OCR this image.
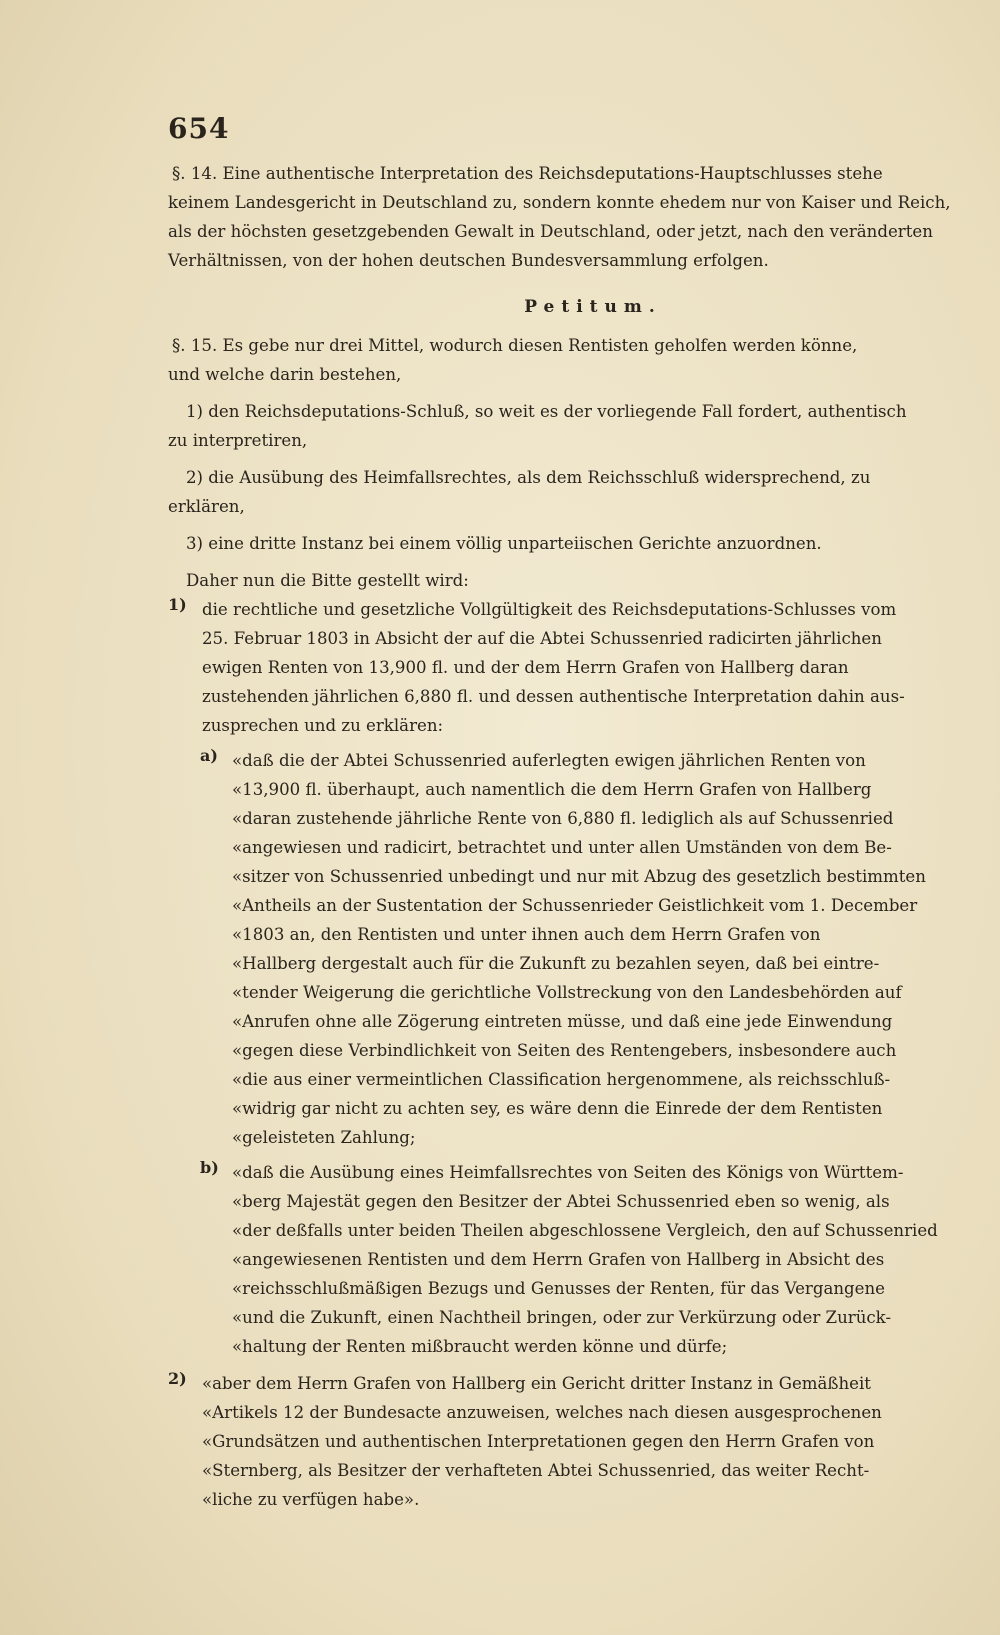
654

§. 14. Eine authentische Interpretation des Reichsdeputations-Hauptschlusses stehe

keinem Landesgericht in Deutschland zu, sondern konnte ehedem nur von Kaiser und Reich,

als der höchsten gesetzgebenden Gewalt in Deutschland, oder jetzt, nach den veränderten

Verhältnissen, von der hohen deutschen Bundesversammlung erfolgen.

Petitum.

§. 15. Es gebe nur drei Mittel, wodurch diesen Rentisten geholfen werden könne,

und welche darin bestehen,

1) den Reichsdeputations-Schluß, so weit es der vorliegende Fall fordert, authentisch

zu interpretiren,

2) die Ausübung des Heimfallsrechtes, als dem Reichsschluß widersprechend, zu

erklären,

3) eine dritte Instanz bei einem völlig unparteiischen Gerichte anzuordnen.

Daher nun die Bitte gestellt wird:

1) die rechtliche und gesetzliche Vollgültigkeit des Reichsdeputations-Schlusses vom

25. Februar 1803 in Absicht der auf die Abtei Schussenried radicirten jährlichen

ewigen Renten von 13,900 fl. und der dem Herrn Grafen von Hallberg daran

zustehenden jährlichen 6,880 fl. und dessen authentische Interpretation dahin aus-

zusprechen und zu erklären:

a) «daß die der Abtei Schussenried auferlegten ewigen jährlichen Renten von

«13,900 fl. überhaupt, auch namentlich die dem Herrn Grafen von Hallberg

«daran zustehende jährliche Rente von 6,880 fl. lediglich als auf Schussenried

«angewiesen und radicirt, betrachtet und unter allen Umständen von dem Be-

«sitzer von Schussenried unbedingt und nur mit Abzug des gesetzlich bestimmten

«Antheils an der Sustentation der Schussenrieder Geistlichkeit vom 1. December

«1803 an, den Rentisten und unter ihnen auch dem Herrn Grafen von

«Hallberg dergestalt auch für die Zukunft zu bezahlen seyen, daß bei eintre-

«tender Weigerung die gerichtliche Vollstreckung von den Landesbehörden auf

«Anrufen ohne alle Zögerung eintreten müsse, und daß eine jede Einwendung

«gegen diese Verbindlichkeit von Seiten des Rentengebers, insbesondere auch

«die aus einer vermeintlichen Classification hergenommene, als reichsschluß-

«widrig gar nicht zu achten sey, es wäre denn die Einrede der dem Rentisten

«geleisteten Zahlung;

b) «daß die Ausübung eines Heimfallsrechtes von Seiten des Königs von Württem-

«berg Majestät gegen den Besitzer der Abtei Schussenried eben so wenig, als

«der deßfalls unter beiden Theilen abgeschlossene Vergleich, den auf Schussenried

«angewiesenen Rentisten und dem Herrn Grafen von Hallberg in Absicht des

«reichsschlußmäßigen Bezugs und Genusses der Renten, für das Vergangene

«und die Zukunft, einen Nachtheil bringen, oder zur Verkürzung oder Zurück-

«haltung der Renten mißbraucht werden könne und dürfe;

2) «aber dem Herrn Grafen von Hallberg ein Gericht dritter Instanz in Gemäßheit

«Artikels 12 der Bundesacte anzuweisen, welches nach diesen ausgesprochenen

«Grundsätzen und authentischen Interpretationen gegen den Herrn Grafen von

«Sternberg, als Besitzer der verhafteten Abtei Schussenried, das weiter Recht-

«liche zu verfügen habe».
